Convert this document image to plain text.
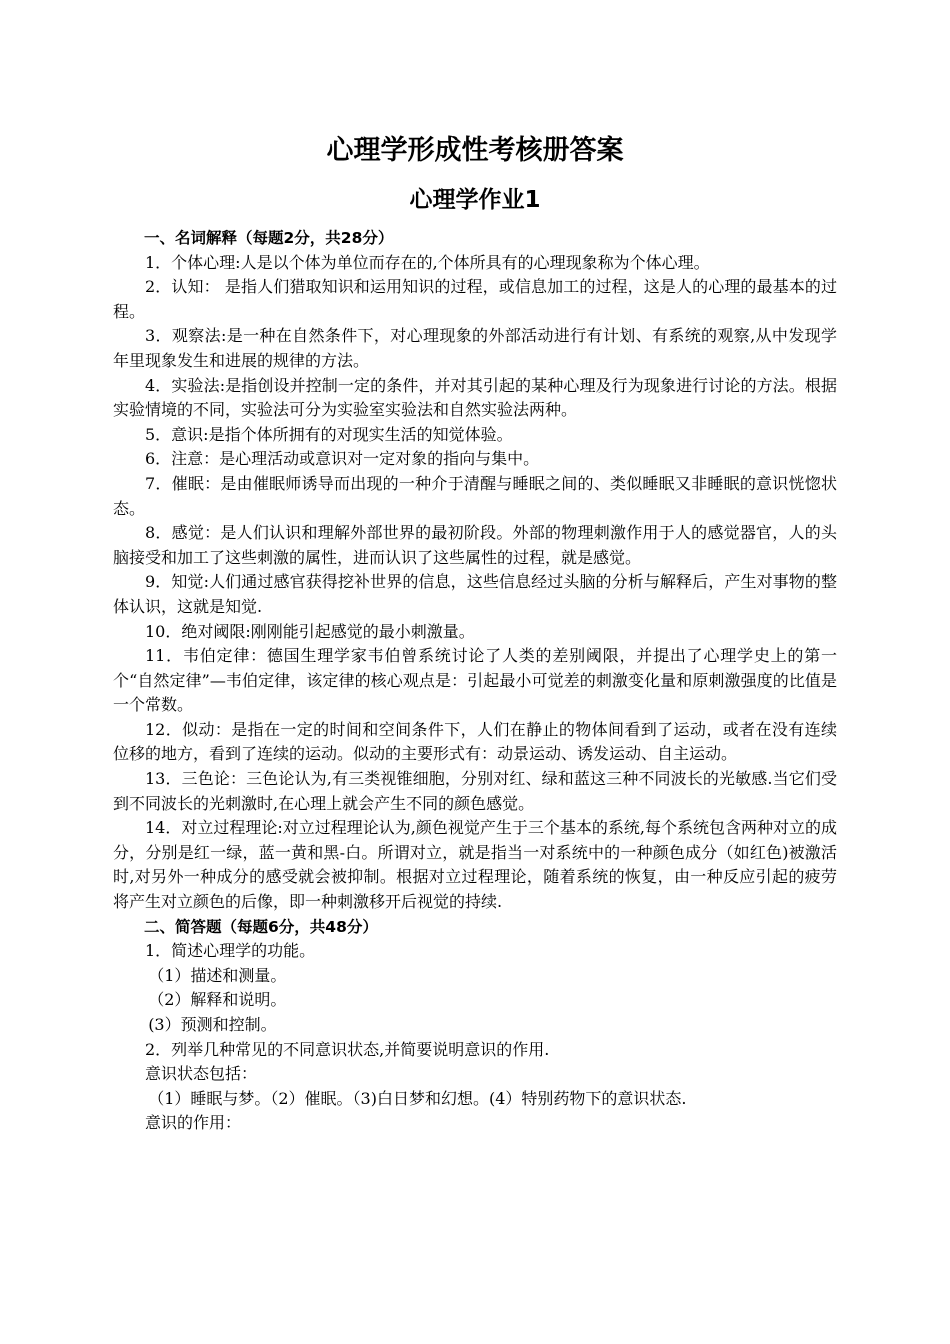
心理学形成性考核册答案
心理学作业1

一、名词解释（每题2分，共28分）

1．个体心理:人是以个体为单位而存在的,个体所具有的心理现象称为个体心理。

2．认知： 是指人们猎取知识和运用知识的过程，或信息加工的过程，这是人的心理的最基本的过程。

3．观察法:是一种在自然条件下，对心理现象的外部活动进行有计划、有系统的观察,从中发现学年里现象发生和进展的规律的方法。

4．实验法:是指创设并控制一定的条件，并对其引起的某种心理及行为现象进行讨论的方法。根据实验情境的不同，实验法可分为实验室实验法和自然实验法两种。

5．意识:是指个体所拥有的对现实生活的知觉体验。

6．注意：是心理活动或意识对一定对象的指向与集中。

7．催眠：是由催眠师诱导而出现的一种介于清醒与睡眠之间的、类似睡眠又非睡眠的意识恍惚状态。

8．感觉：是人们认识和理解外部世界的最初阶段。外部的物理刺激作用于人的感觉器官，人的头脑接受和加工了这些刺激的属性，进而认识了这些属性的过程，就是感觉。

9．知觉:人们通过感官获得挖补世界的信息，这些信息经过头脑的分析与解释后，产生对事物的整体认识，这就是知觉.

10．绝对阈限:刚刚能引起感觉的最小刺激量。

11．韦伯定律：德国生理学家韦伯曾系统讨论了人类的差别阈限，并提出了心理学史上的第一个“自然定律”—韦伯定律，该定律的核心观点是：引起最小可觉差的刺激变化量和原刺激强度的比值是一个常数。

12．似动：是指在一定的时间和空间条件下，人们在静止的物体间看到了运动，或者在没有连续位移的地方，看到了连续的运动。似动的主要形式有：动景运动、诱发运动、自主运动。

13．三色论：三色论认为,有三类视锥细胞，分别对红、绿和蓝这三种不同波长的光敏感.当它们受到不同波长的光刺激时,在心理上就会产生不同的颜色感觉。

14．对立过程理论:对立过程理论认为,颜色视觉产生于三个基本的系统,每个系统包含两种对立的成分，分别是红一绿，蓝一黄和黑-白。所谓对立，就是指当一对系统中的一种颜色成分（如红色)被激活时,对另外一种成分的感受就会被抑制。根据对立过程理论，随着系统的恢复，由一种反应引起的疲劳将产生对立颜色的后像，即一种刺激移开后视觉的持续.

二、简答题（每题6分，共48分）

1．简述心理学的功能。

（1）描述和测量。

（2）解释和说明。

(3）预测和控制。

2．列举几种常见的不同意识状态,并简要说明意识的作用.

意识状态包括：

（1）睡眠与梦。（2）催眠。（3)白日梦和幻想。(4）特别药物下的意识状态.

意识的作用：
